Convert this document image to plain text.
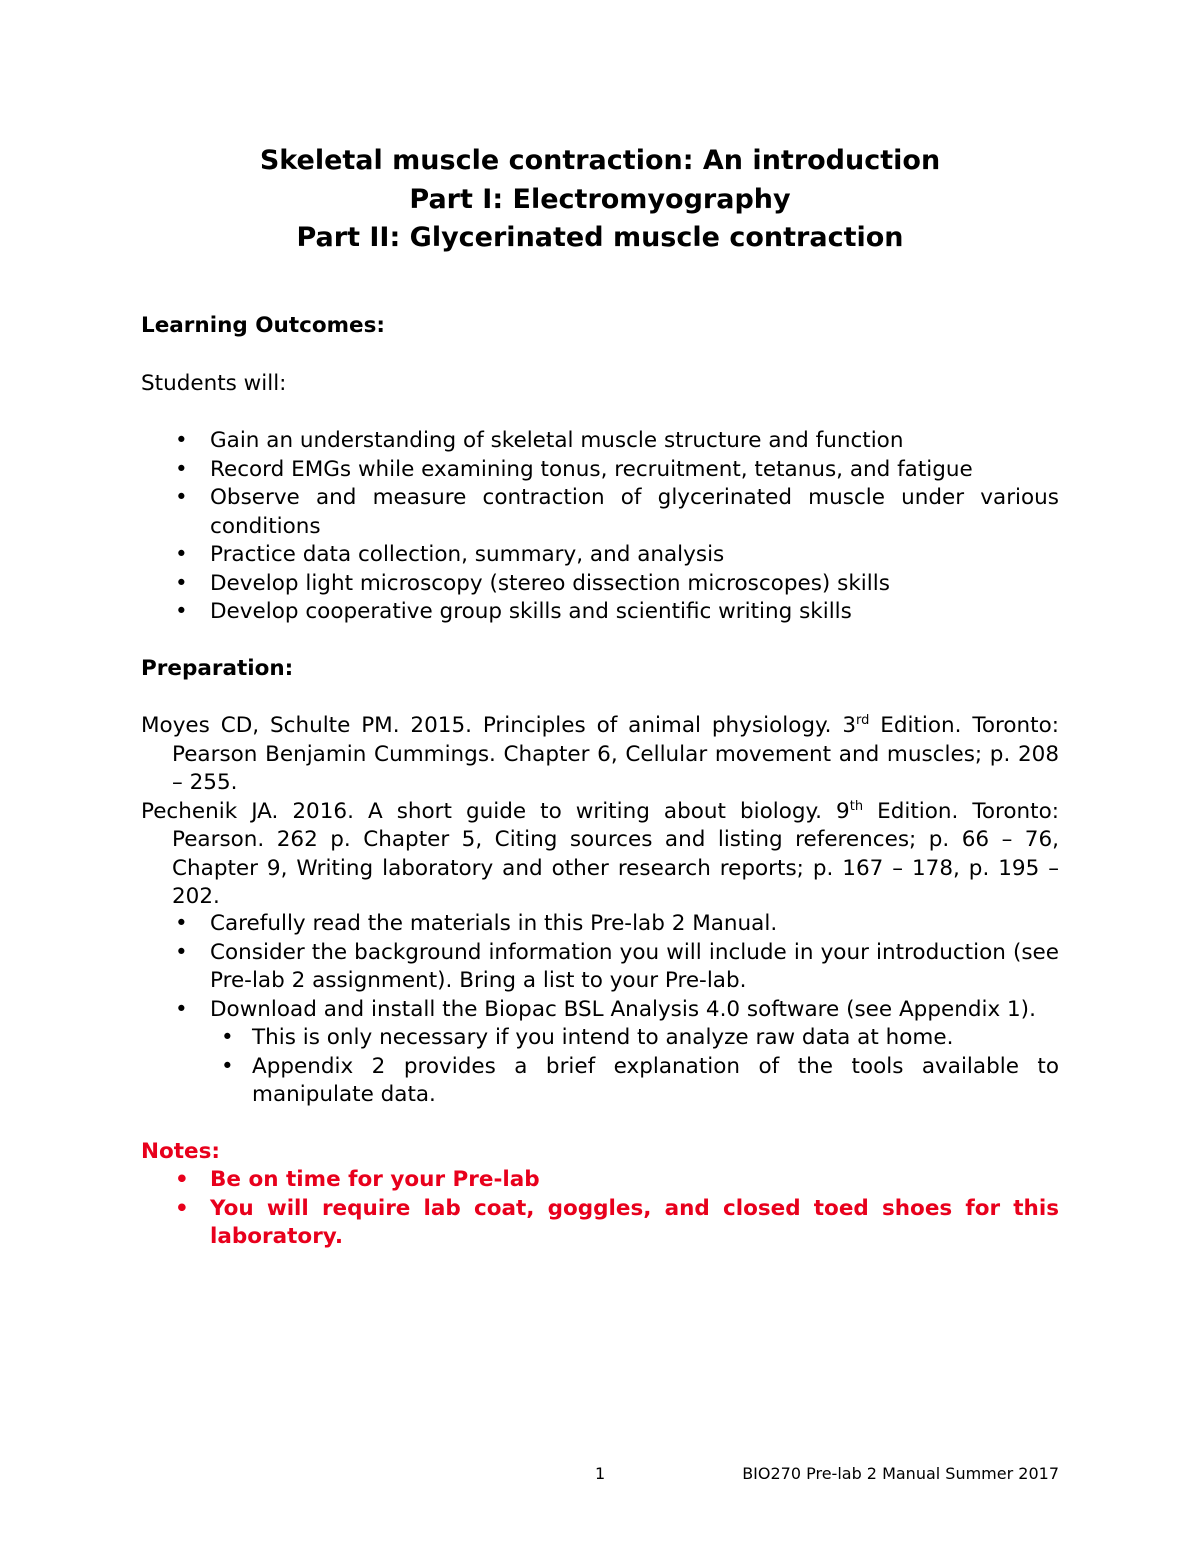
Skeletal muscle contraction: An introduction
Part I: Electromyography
Part II: Glycerinated muscle contraction
Learning Outcomes:
Students will:
• Gain an understanding of skeletal muscle structure and function
• Record EMGs while examining tonus, recruitment, tetanus, and fatigue
• Observe and measure contraction of glycerinated muscle under various conditions
• Practice data collection, summary, and analysis
• Develop light microscopy (stereo dissection microscopes) skills
• Develop cooperative group skills and scientific writing skills
Preparation:
Moyes CD, Schulte PM. 2015. Principles of animal physiology. 3rd Edition. Toronto: Pearson Benjamin Cummings. Chapter 6, Cellular movement and muscles; p. 208 – 255.
Pechenik JA. 2016. A short guide to writing about biology. 9th Edition. Toronto: Pearson. 262 p. Chapter 5, Citing sources and listing references; p. 66 – 76, Chapter 9, Writing laboratory and other research reports; p. 167 – 178, p. 195 – 202.
• Carefully read the materials in this Pre-lab 2 Manual.
• Consider the background information you will include in your introduction (see Pre-lab 2 assignment). Bring a list to your Pre-lab.
• Download and install the Biopac BSL Analysis 4.0 software (see Appendix 1).
• This is only necessary if you intend to analyze raw data at home.
• Appendix 2 provides a brief explanation of the tools available to manipulate data.
Notes:
• Be on time for your Pre-lab
• You will require lab coat, goggles, and closed toed shoes for this laboratory.
1	BIO270 Pre-lab 2 Manual Summer 2017
